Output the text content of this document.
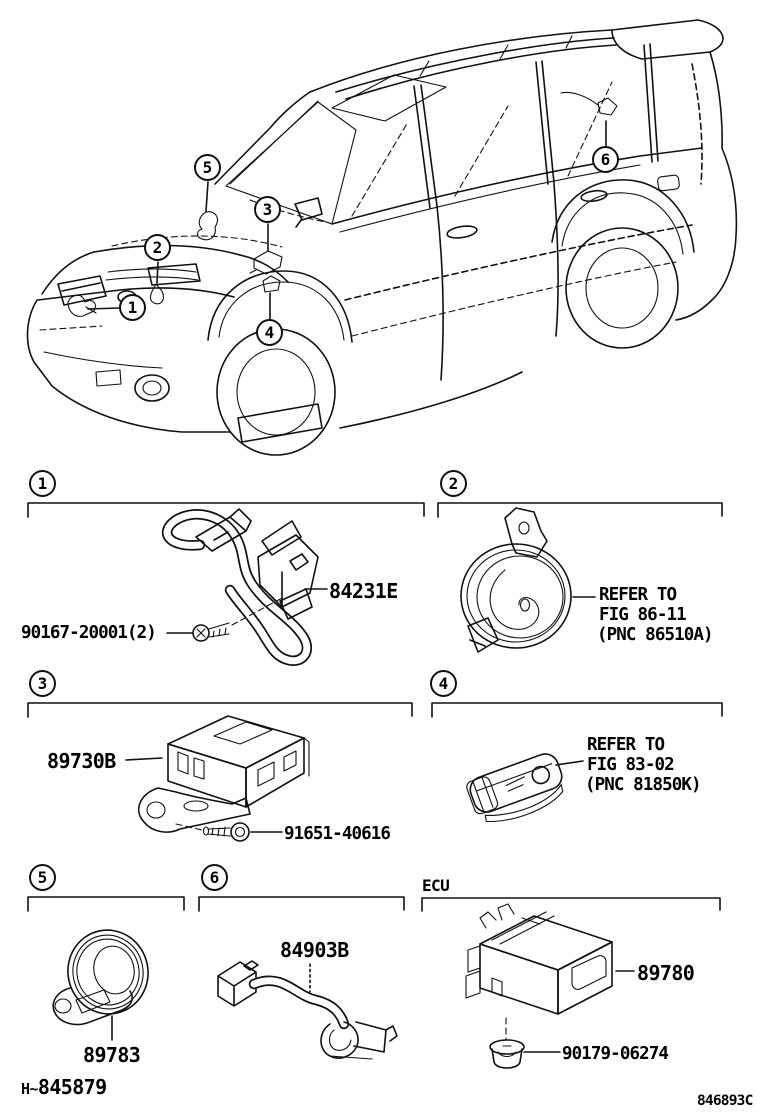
1
2
3
4
5	6
1	2
3	4
5	6
84231E
90167-20001(2)
REFER TO
FIG 86-11
(PNC 86510A)
89730B
91651-40616
REFER TO
FIG 83-02
(PNC 81850K)
84903B
89783
ECU
89780
90179-06274
H~845879
846893C
